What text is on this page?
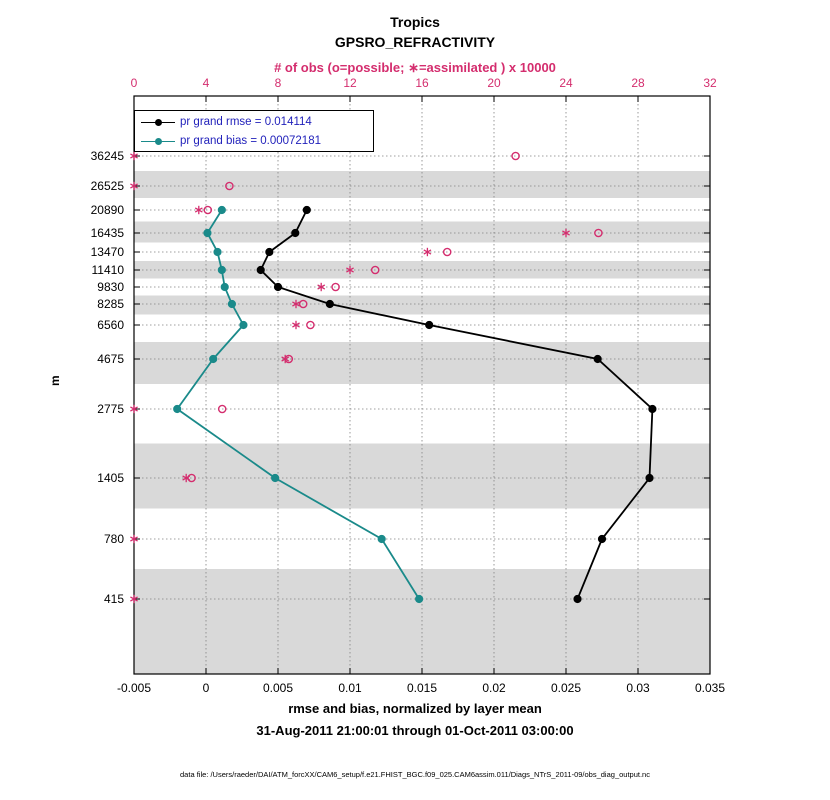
Tropics
GPSRO_REFRACTIVITY
# of obs (o=possible; ∗=assimilated ) x 10000
m
-0.005	0	0.005	0.01	0.015	0.02	0.025	0.03	0.035
0	4	8	12	16	20	24	28	32
36245
26525
20890
16435
13470
11410
9830
8285
6560
4675
2775
1405
780
415
pr grand rmse = 0.014114
pr grand bias = 0.00072181
rmse and bias, normalized by layer mean
31-Aug-2011 21:00:01 through 01-Oct-2011 03:00:00
data file: /Users/raeder/DAI/ATM_forcXX/CAM6_setup/f.e21.FHIST_BGC.f09_025.CAM6assim.011/Diags_NTrS_2011-09/obs_diag_output.nc
